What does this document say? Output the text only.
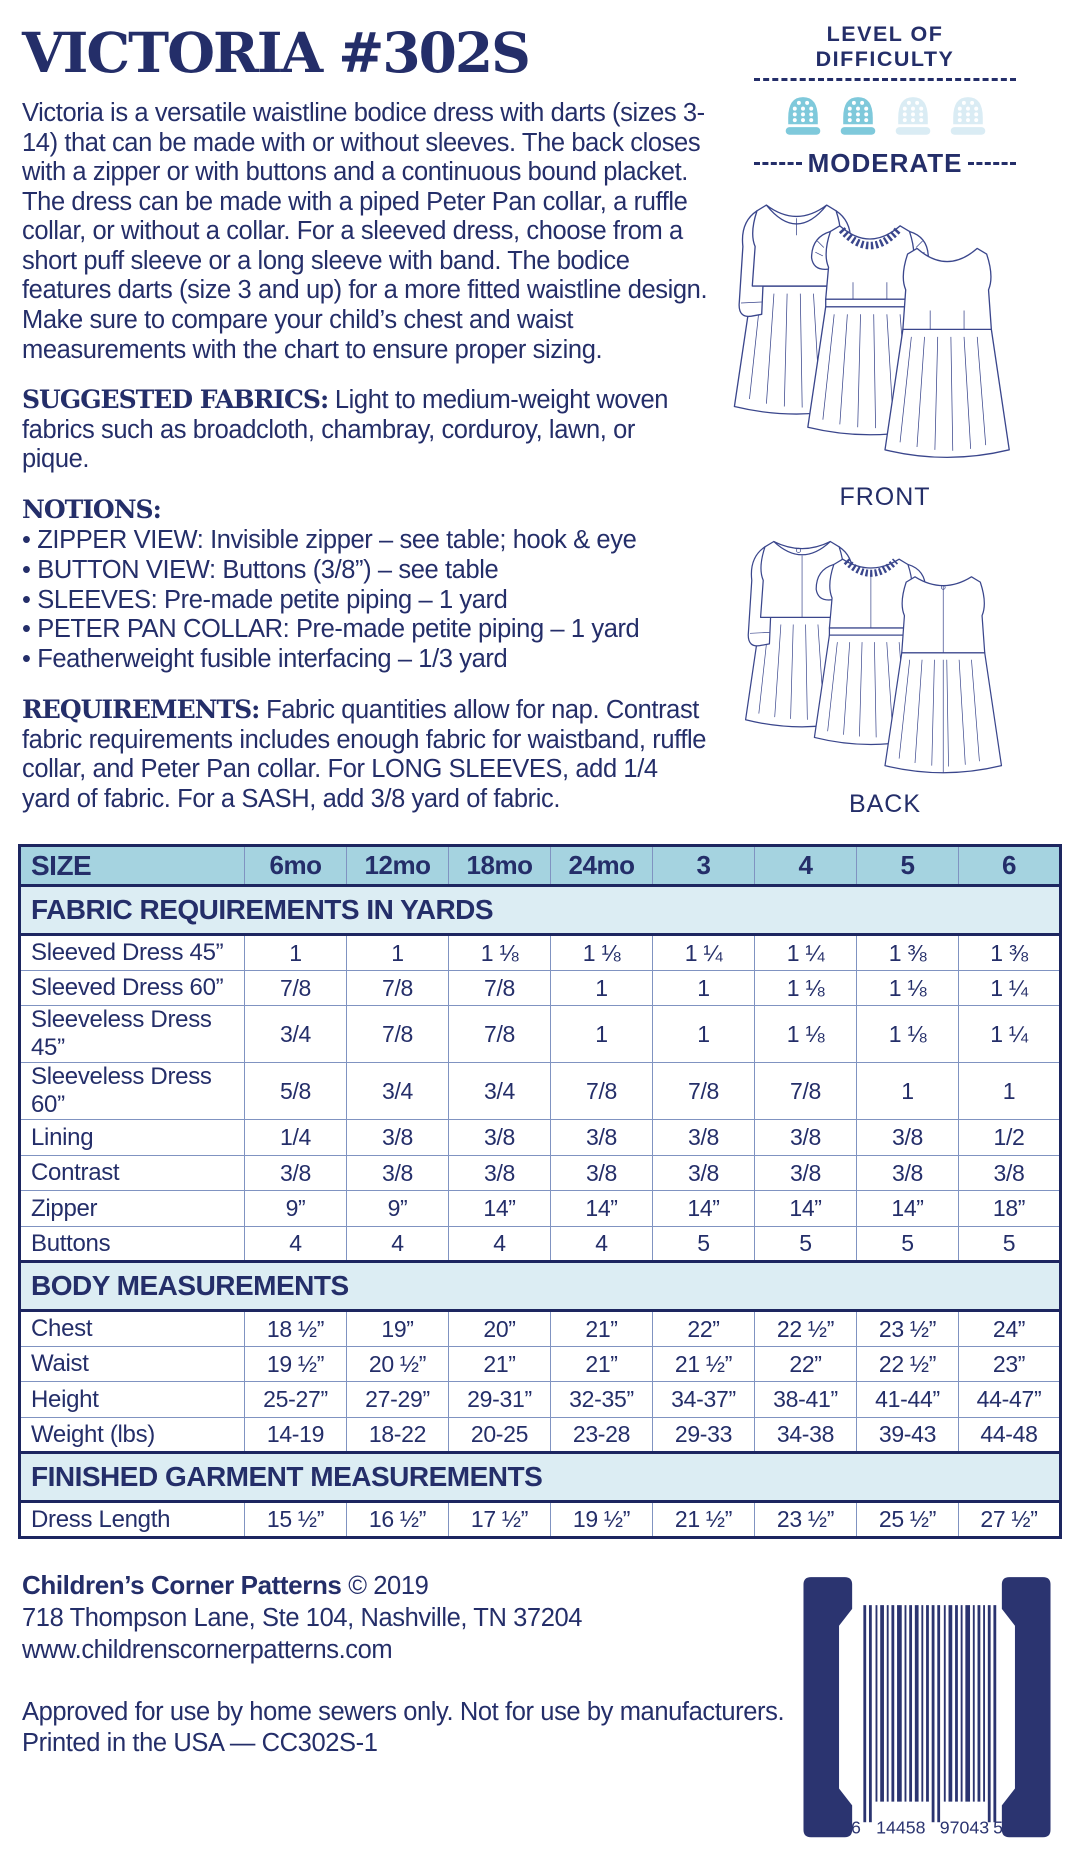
VICTORIA #302S

Victoria is a versatile waistline bodice dress with darts (sizes 3-14) that can be made with or without sleeves. The back closes with a zipper or with buttons and a continuous bound placket. The dress can be made with a piped Peter Pan collar, a ruffle collar, or without a collar. For a sleeved dress, choose from a short puff sleeve or a long sleeve with band. The bodice features darts (size 3 and up) for a more fitted waistline design. Make sure to compare your child’s chest and waist measurements with the chart to ensure proper sizing.

SUGGESTED FABRICS: Light to medium-weight woven fabrics such as broadcloth, chambray, corduroy, lawn, or pique.

NOTIONS:
• ZIPPER VIEW: Invisible zipper – see table; hook & eye
• BUTTON VIEW: Buttons (3/8”) – see table
• SLEEVES: Pre-made petite piping – 1 yard
• PETER PAN COLLAR: Pre-made petite piping – 1 yard
• Featherweight fusible interfacing – 1/3 yard

REQUIREMENTS: Fabric quantities allow for nap. Contrast fabric requirements includes enough fabric for waistband, ruffle collar, and Peter Pan collar. For LONG SLEEVES, add 1/4 yard of fabric. For a SASH, add 3/8 yard of fabric.

LEVEL OF DIFFICULTY
MODERATE
FRONT
BACK
SIZE	6mo	12mo	18mo	24mo	3	4	5	6
FABRIC REQUIREMENTS IN YARDS								
Sleeved Dress 45”	1	1	1 ⅛	1 ⅛	1 ¼	1 ¼	1 ⅜	1 ⅜
Sleeved Dress 60”	7/8	7/8	7/8	1	1	1 ⅛	1 ⅛	1 ¼
Sleeveless Dress 45”	3/4	7/8	7/8	1	1	1 ⅛	1 ⅛	1 ¼
Sleeveless Dress 60”	5/8	3/4	3/4	7/8	7/8	7/8	1	1
Lining	1/4	3/8	3/8	3/8	3/8	3/8	3/8	1/2
Contrast	3/8	3/8	3/8	3/8	3/8	3/8	3/8	3/8
Zipper	9”	9”	14”	14”	14”	14”	14”	18”
Buttons	4	4	4	4	5	5	5	5
BODY MEASUREMENTS								
Chest	18 ½”	19”	20”	21”	22”	22 ½”	23 ½”	24”
Waist	19 ½”	20 ½”	21”	21”	21 ½”	22”	22 ½”	23”
Height	25-27”	27-29”	29-31”	32-35”	34-37”	38-41”	41-44”	44-47”
Weight (lbs)	14-19	18-22	20-25	23-28	29-33	34-38	39-43	44-48
FINISHED GARMENT MEASUREMENTS								
Dress Length	15 ½”	16 ½”	17 ½”	19 ½”	21 ½”	23 ½”	25 ½”	27 ½”
Children’s Corner Patterns © 2019
718 Thompson Lane, Ste 104, Nashville, TN 37204
www.childrenscornerpatterns.com
Approved for use by home sewers only. Not for use by manufacturers.
Printed in the USA — CC302S-1
6 14458 97043 5
